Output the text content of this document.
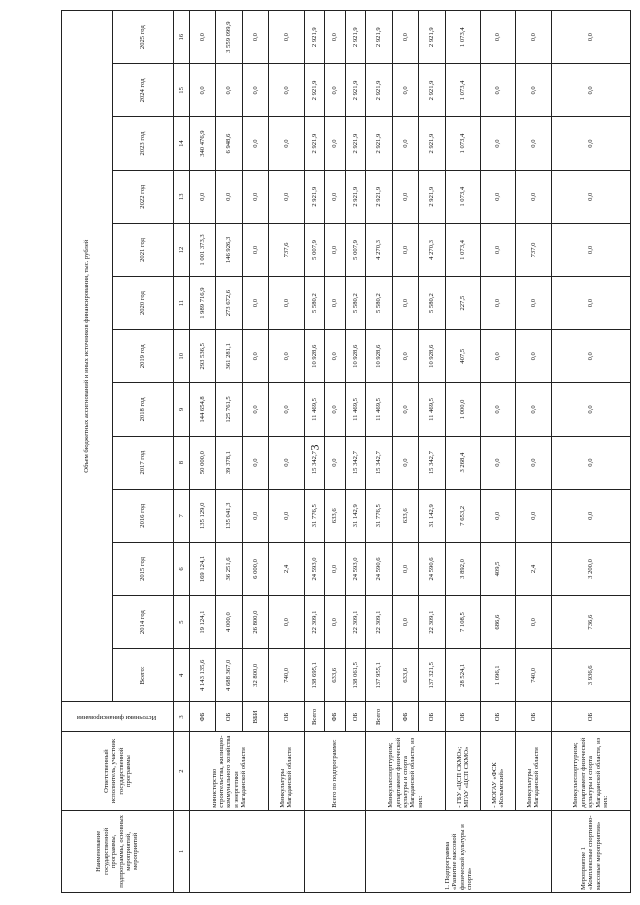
3
Наименование государственной программы, подпрограммы, основных мероприятий, мероприятий	Ответственный исполнитель, участник государственной программы	Источники финансирования	Объем бюджетных ассигнований и иных источников финансирования, тыс. рублей												
			Всего:	2014 год	2015 год	2016 год	2017 год	2018 год	2019 год	2020 год	2021 год	2022 год	2023 год	2024 год	2025 год
1	2	3	4	5	6	7	8	9	10	11	12	13	14	15	16
	министерство строительства, жилищно-коммунального хозяйства и энергетики Магаданской области	ФБ	4 143 135,6	19 124,1	169 124,1	135 129,0	50 000,0	144 654,8	293 536,5	1 989 716,9	1 001 373,3	0,0	340 476,9	0,0	0,0
		ОБ	4 688 367,0	4 000,0	36 251,6	135 041,3	39 378,1	125 761,5	361 281,1	273 672,6	146 926,3	0,0	6 948,6	0,0	3 559 099,9
		ВБИ	32 800,0	26 800,0	6 000,0	0,0	0,0	0,0	0,0	0,0	0,0	0,0	0,0	0,0	0,0
	Минкультуры Магаданской области	ОБ	740,0	0,0	2,4	0,0	0,0	0,0	0,0	0,0	737,6	0,0	0,0	0,0	0,0
	Всего по подпрограмме:	Всего	138 695,1	22 309,1	24 593,0	31 776,5	15 342,7	11 469,5	10 928,6	5 580,2	5 007,9	2 921,9	2 921,9	2 921,9	2 921,9
		ФБ	633,6	0,0	0,0	633,6	0,0	0,0	0,0	0,0	0,0	0,0	0,0	0,0	0,0
		ОБ	138 061,5	22 309,1	24 593,0	31 142,9	15 342,7	11 469,5	10 928,6	5 580,2	5 007,9	2 921,9	2 921,9	2 921,9	2 921,9
1. Подпрограмма «Развитие массовой физической культуры и спорта»	Минкультспорттуризм; департамент физической культуры и спорта Магаданской области, из них:	Всего	137 955,1	22 309,1	24 590,6	31 776,5	15 342,7	11 469,5	10 928,6	5 580,2	4 270,3	2 921,9	2 921,9	2 921,9	2 921,9
		ФБ	633,6	0,0	0,0	633,6	0,0	0,0	0,0	0,0	0,0	0,0	0,0	0,0	0,0
		ОБ	137 321,5	22 309,1	24 590,6	31 142,9	15 342,7	11 469,5	10 928,6	5 580,2	4 270,3	2 921,9	2 921,9	2 921,9	2 921,9
	- ГБУ «ЦСП СКМО»; МГАУ «ЦСП СКМО»	ОБ	28 524,1	7 108,5	3 892,0	7 653,2	3 268,4	1 000,0	407,5	227,5	1 073,4	1 073,4	1 073,4	1 073,4	1 073,4
	- МОГАУ «ФСК «Колымский»	ОБ	1 096,1	686,6	409,5	0,0	0,0	0,0	0,0	0,0	0,0	0,0	0,0	0,0	0,0
	Минкультуры Магаданской области	ОБ	740,0	0,0	2,4	0,0	0,0	0,0	0,0	0,0	737,0	0,0	0,0	0,0	0,0
Мероприятие 1 «Комплексные спортивно-массовые мероприятия»	Минкультспорттуризм; департамент физической культуры и спорта Магаданской области, из них:	ОБ	3 936,6	736,6	3 200,0	0,0	0,0	0,0	0,0	0,0	0,0	0,0	0,0	0,0	0,0
